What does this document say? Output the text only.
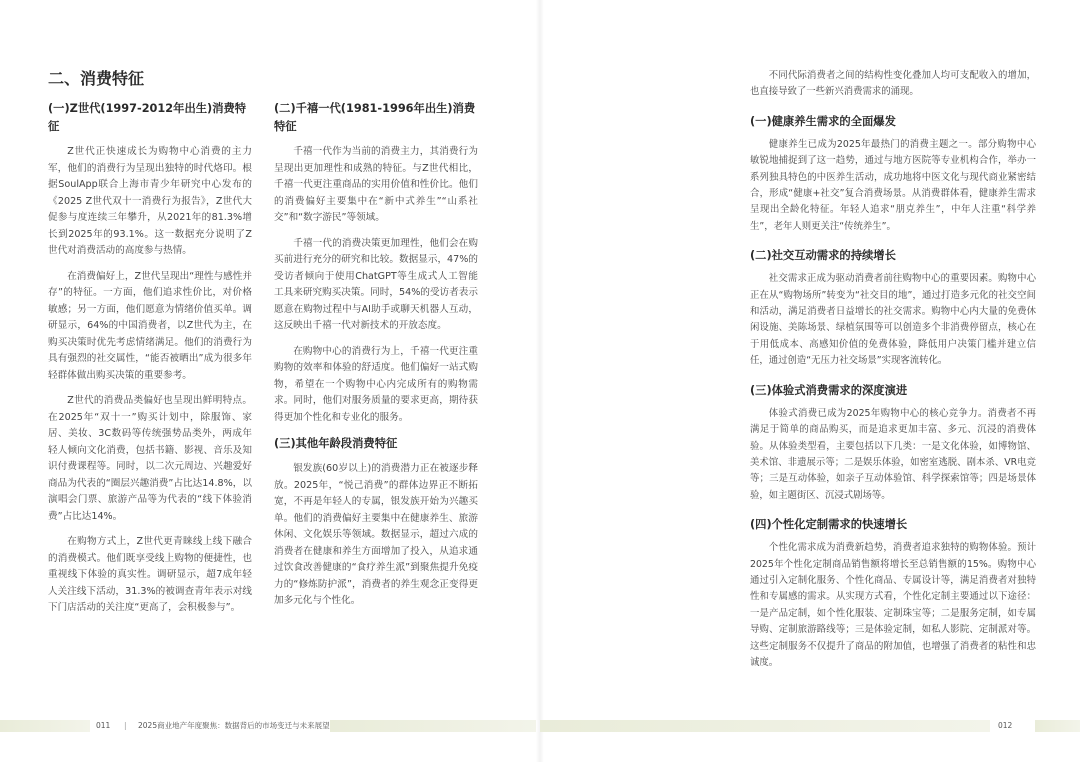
二、消费特征
(一)Z世代(1997-2012年出生)消费特征

Z世代正快速成长为购物中心消费的主力军，他们的消费行为呈现出独特的时代烙印。根据SoulApp联合上海市青少年研究中心发布的《2025 Z世代双十一消费行为报告》，Z世代大促参与度连续三年攀升，从2021年的81.3%增长到2025年的93.1%。这一数据充分说明了Z世代对消费活动的高度参与热情。

在消费偏好上，Z世代呈现出“理性与感性并存”的特征。一方面，他们追求性价比，对价格敏感；另一方面，他们愿意为情绪价值买单。调研显示，64%的中国消费者，以Z世代为主，在购买决策时优先考虑情绪满足。他们的消费行为具有强烈的社交属性，“能否被晒出”成为很多年轻群体做出购买决策的重要参考。

Z世代的消费品类偏好也呈现出鲜明特点。在2025年“双十一”购买计划中，除服饰、家居、美妆、3C数码等传统强势品类外，两成年轻人倾向文化消费，包括书籍、影视、音乐及知识付费课程等。同时，以二次元周边、兴趣爱好商品为代表的“圈层兴趣消费”占比达14.8%，以演唱会门票、旅游产品等为代表的“线下体验消费”占比达14%。

在购物方式上，Z世代更青睐线上线下融合的消费模式。他们既享受线上购物的便捷性，也重视线下体验的真实性。调研显示，超7成年轻人关注线下活动，31.3%的被调查青年表示对线下门店活动的关注度“更高了，会积极参与”。

(二)千禧一代(1981-1996年出生)消费特征

千禧一代作为当前的消费主力，其消费行为呈现出更加理性和成熟的特征。与Z世代相比，千禧一代更注重商品的实用价值和性价比。他们的消费偏好主要集中在“新中式养生”“山系社交”和“数字游民”等领域。

千禧一代的消费决策更加理性，他们会在购买前进行充分的研究和比较。数据显示，47%的受访者倾向于使用ChatGPT等生成式人工智能工具来研究购买决策。同时，54%的受访者表示愿意在购物过程中与AI助手或聊天机器人互动，这反映出千禧一代对新技术的开放态度。

在购物中心的消费行为上，千禧一代更注重购物的效率和体验的舒适度。他们偏好一站式购物，希望在一个购物中心内完成所有的购物需求。同时，他们对服务质量的要求更高，期待获得更加个性化和专业化的服务。

(三)其他年龄段消费特征

银发族(60岁以上)的消费潜力正在被逐步释放。2025年，“悦己消费”的群体边界正不断拓宽，不再是年轻人的专属，银发族开始为兴趣买单。他们的消费偏好主要集中在健康养生、旅游休闲、文化娱乐等领域。数据显示，超过六成的消费者在健康和养生方面增加了投入，从追求通过饮食改善健康的“食疗养生派”到聚焦提升免疫力的“修炼防护派”，消费者的养生观念正变得更加多元化与个性化。

011 | 2025商业地产年度聚焦：数据背后的市场变迁与未来展望	012

不同代际消费者之间的结构性变化叠加人均可支配收入的增加，也直接导致了一些新兴消费需求的涌现。

(一)健康养生需求的全面爆发

健康养生已成为2025年最热门的消费主题之一。部分购物中心敏锐地捕捉到了这一趋势，通过与地方医院等专业机构合作，举办一系列独具特色的中医养生活动，成功地将中医文化与现代商业紧密结合，形成“健康+社交”复合消费场景。从消费群体看，健康养生需求呈现出全龄化特征。年轻人追求“朋克养生”，中年人注重“科学养生”，老年人则更关注“传统养生”。

(二)社交互动需求的持续增长

社交需求正成为驱动消费者前往购物中心的重要因素。购物中心正在从“购物场所”转变为“社交目的地”，通过打造多元化的社交空间和活动，满足消费者日益增长的社交需求。购物中心内大量的免费休闲设施、美陈场景、绿植氛围等可以创造多个非消费停留点，核心在于用低成本、高感知价值的免费体验，降低用户决策门槛并建立信任，通过创造“无压力社交场景”实现客流转化。

(三)体验式消费需求的深度演进

体验式消费已成为2025年购物中心的核心竞争力。消费者不再满足于简单的商品购买，而是追求更加丰富、多元、沉浸的消费体验。从体验类型看，主要包括以下几类：一是文化体验，如博物馆、美术馆、非遗展示等；二是娱乐体验，如密室逃脱、剧本杀、VR电竞等；三是互动体验，如亲子互动体验馆、科学探索馆等；四是场景体验，如主题街区、沉浸式剧场等。

(四)个性化定制需求的快速增长

个性化需求成为消费新趋势，消费者追求独特的购物体验。预计2025年个性化定制商品销售额将增长至总销售额的15%。购物中心通过引入定制化服务、个性化商品、专属设计等，满足消费者对独特性和专属感的需求。从实现方式看，个性化定制主要通过以下途径：一是产品定制，如个性化服装、定制珠宝等；二是服务定制，如专属导购、定制旅游路线等；三是体验定制，如私人影院、定制派对等。这些定制服务不仅提升了商品的附加值，也增强了消费者的粘性和忠诚度。
